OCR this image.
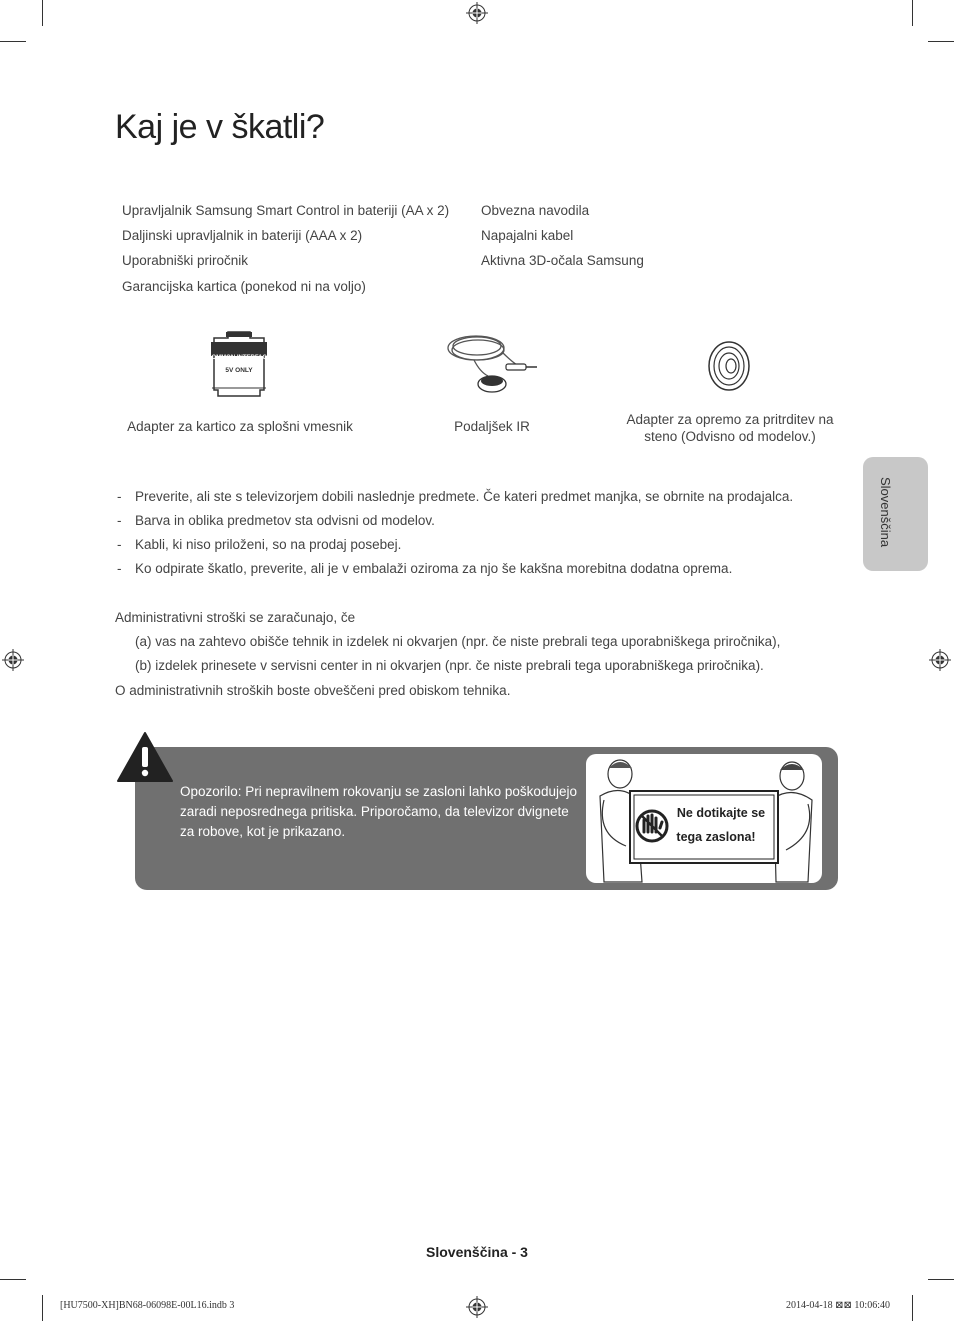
Kaj je v škatli?
Upravljalnik Samsung Smart Control in bateriji (AA x 2)
Daljinski upravljalnik in bateriji (AAA x 2)
Uporabniški priročnik
Garancijska kartica (ponekod ni na voljo)
Obvezna navodila
Napajalni kabel
Aktivna 3D-očala Samsung
COMMON INTERFACE
5V ONLY
Adapter za kartico za splošni vmesnik	Podaljšek IR	Adapter za opremo za pritrditev na
steno (Odvisno od modelov.)
Slovenščina
- Preverite, ali ste s televizorjem dobili naslednje predmete. Če kateri predmet manjka, se obrnite na prodajalca.
- Barva in oblika predmetov sta odvisni od modelov.
- Kabli, ki niso priloženi, so na prodaj posebej.
- Ko odpirate škatlo, preverite, ali je v embalaži oziroma za njo še kakšna morebitna dodatna oprema.
Administrativni stroški se zaračunajo, če
(a) vas na zahtevo obišče tehnik in izdelek ni okvarjen (npr. če niste prebrali tega uporabniškega priročnika),
(b) izdelek prinesete v servisni center in ni okvarjen (npr. če niste prebrali tega uporabniškega priročnika).
O administrativnih stroških boste obveščeni pred obiskom tehnika.
Opozorilo: Pri nepravilnem rokovanju se zasloni lahko poškodujejo zaradi neposrednega pritiska. Priporočamo, da televizor dvignete za robove, kot je prikazano.
Ne dotikajte se
tega zaslona!
Slovenščina - 3
[HU7500-XH]BN68-06098E-00L16.indb 3	2014-04-18 ⊠⊠ 10:06:40
